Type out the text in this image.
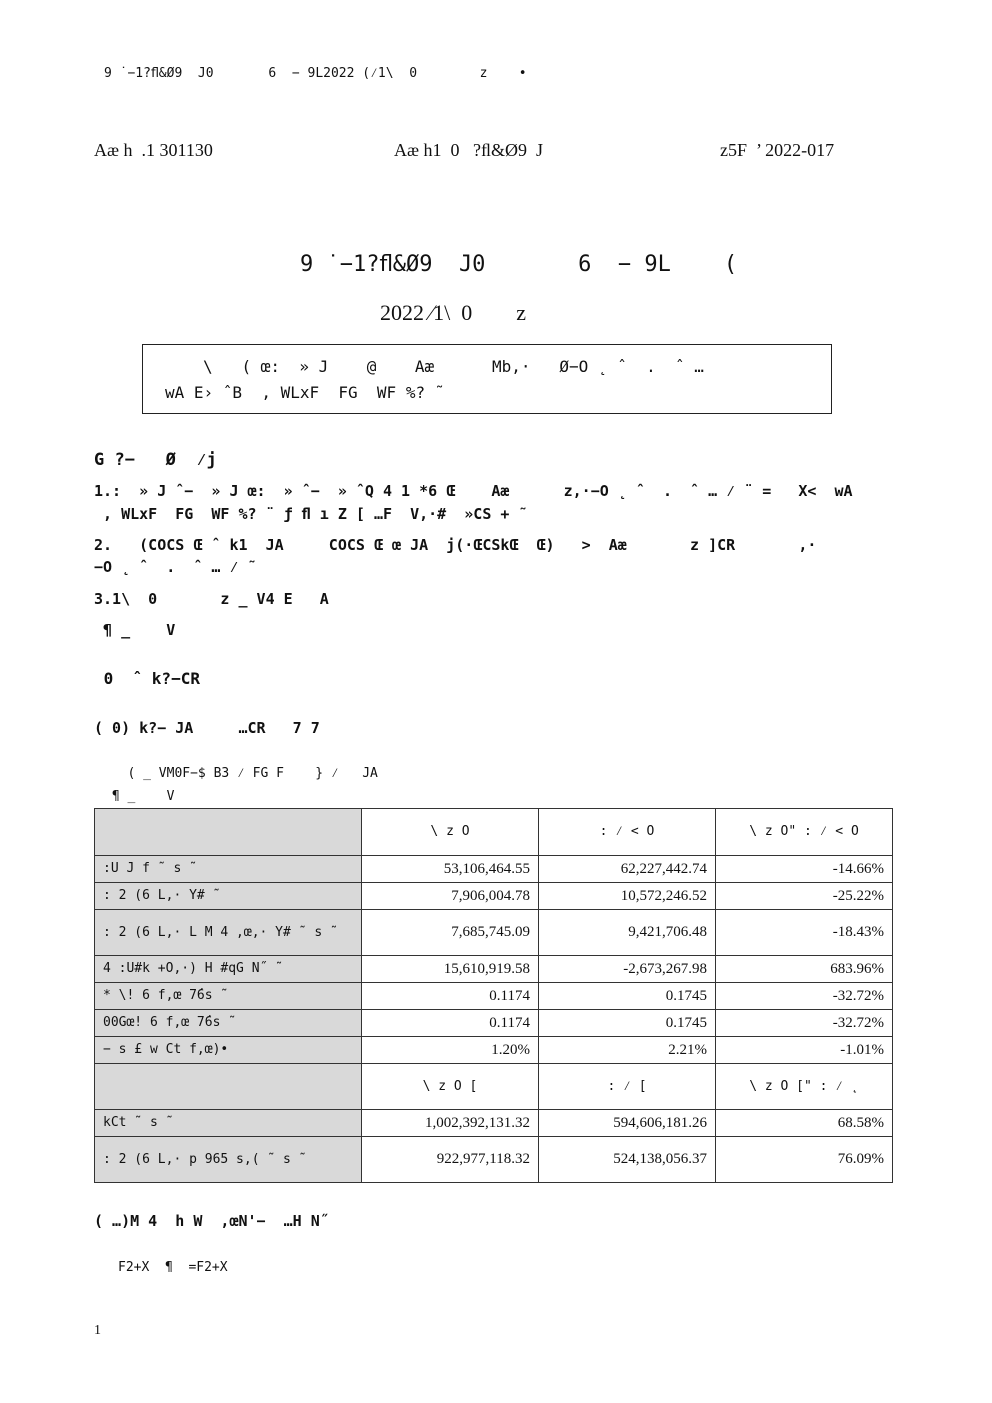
9 ˙−1?ﬂ&Ø9  J0       6  − 9L2022 (⁄1\  0        z    •
Aæ h  .1 301130	Aæ h1  0   ?ﬂ&Ø9  J	z5F  ’ 2022-017
9 ˙−1?ﬂ&Ø9  J0       6  − 9L    (
2022 ⁄1\  0        z
\   ( œ:  » J    @    Aæ      Mb,·   Ø−O ˛ ˆ  .  ˆ …
wA E› ˆB  , WLxF  FG  WF %? ˜
G ?−   Ø  ⁄j
1.:  » J ˆ−  » J œ:  » ˆ−  » ˆQ 4 1 *6 Œ    Aæ      z,·−O ˛ ˆ  .  ˆ … ⁄ ¨ =   X<  wA
, WLxF  FG  WF %? ¨ ƒ ﬂ ı Z [ …F  V,·#  »CS + ˜
2.   (COCS Œ ˆ k1  JA     COCS Œ œ JA  j(·ŒCSkŒ  Œ)   >  Aæ       z ]CR       ,·
−O ˛ ˆ  .  ˆ … ⁄ ˜
3.1\  0       z _ V4 E   A
¶ _    V
0  ˆ k?−CR
( 0) k?− JA     …CR   7 7
( _ VM0F−$ B3 ⁄ FG F    } ⁄   JA
¶ _    V
	\ z O	: ⁄ < O	\ z O" : ⁄ < O
:U J f ˜ s ˜	53,106,464.55	62,227,442.74	-14.66%
: 2 (6 L,· Y# ˜	7,906,004.78	10,572,246.52	-25.22%
: 2 (6 L,· L M 4 ,œ,· Y# ˜ s ˜	7,685,745.09	9,421,706.48	-18.43%
4 :U#k +O,·) H #qG N˝ ˜	15,610,919.58	-2,673,267.98	683.96%
* \! 6 f,œ 7́6s ˜	0.1174	0.1745	-32.72%
00Gœ! 6 f,œ 7́6s ˜	0.1174	0.1745	-32.72%
− s £ w Ct f,œ)•	1.20%	2.21%	-1.01%
	\ z O [	: ⁄ [	\ z O [" : ⁄ ˛
kCt ˜ s ˜	1,002,392,131.32	594,606,181.26	68.58%
: 2 (6 L,· p 965 s,( ˜ s ˜	922,977,118.32	524,138,056.37	76.09%
( …)M 4  h W  ,œN'−  …H N˝
F2+X  ¶  =F2+X
1
